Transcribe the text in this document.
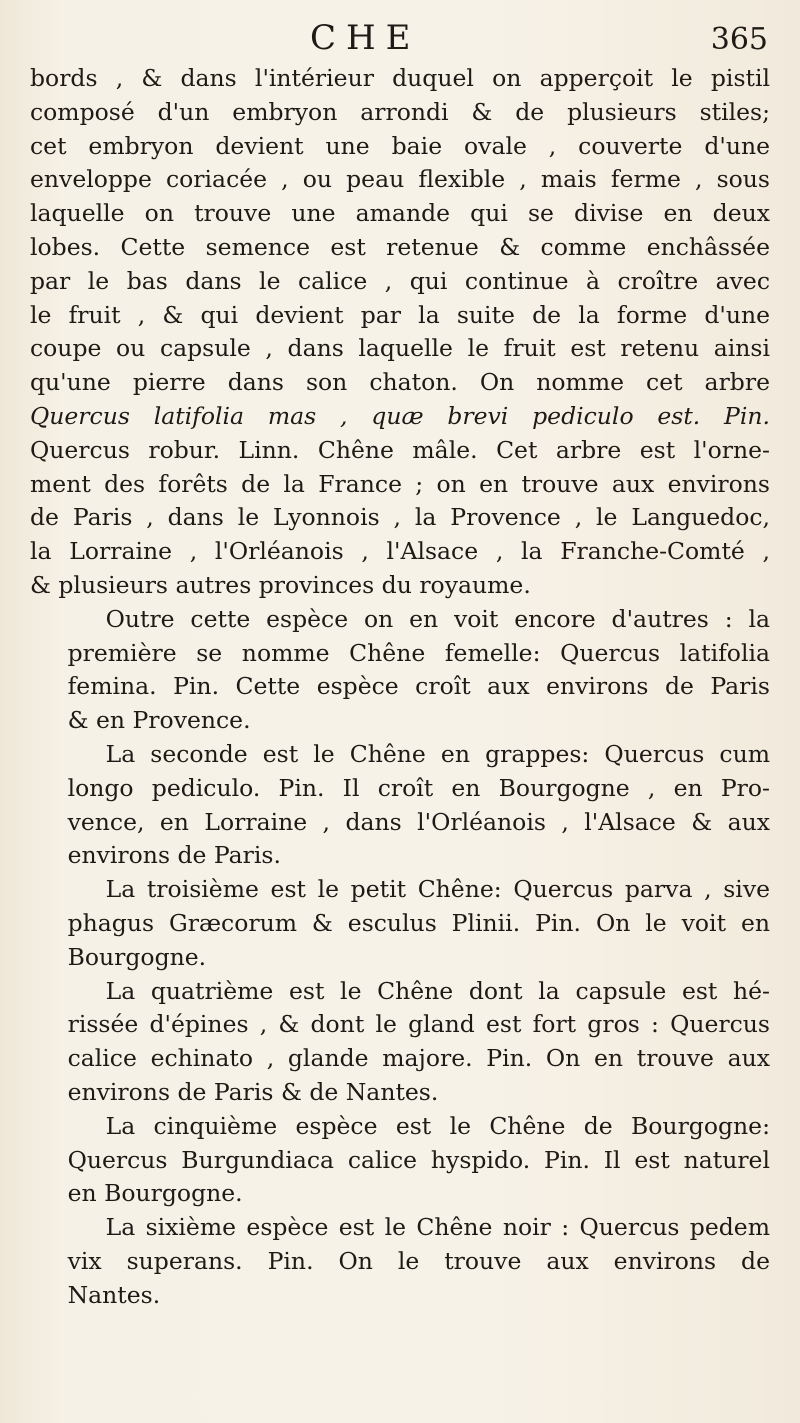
CHE	365

bords , & dans l'intérieur duquel on apperçoit le pistil
composé d'un embryon arrondi & de plusieurs stiles;
cet embryon devient une baie ovale , couverte d'une
enveloppe coriacée , ou peau flexible , mais ferme , sous
laquelle on trouve une amande qui se divise en deux
lobes. Cette semence est retenue & comme enchâssée
par le bas dans le calice , qui continue à croître avec
le fruit , & qui devient par la suite de la forme d'une
coupe ou capsule , dans laquelle le fruit est retenu ainsi
qu'une pierre dans son chaton. On nomme cet arbre
Quercus latifolia mas , quæ brevi pediculo est. Pin.
Quercus robur. Linn. Chêne mâle. Cet arbre est l'orne-
ment des forêts de la France ; on en trouve aux environs
de Paris , dans le Lyonnois , la Provence , le Languedoc,
la Lorraine , l'Orléanois , l'Alsace , la Franche-Comté ,
& plusieurs autres provinces du royaume.

Outre cette espèce on en voit encore d'autres : la
première se nomme Chêne femelle: Quercus latifolia
femina. Pin. Cette espèce croît aux environs de Paris
& en Provence.

La seconde est le Chêne en grappes: Quercus cum
longo pediculo. Pin. Il croît en Bourgogne , en Pro-
vence, en Lorraine , dans l'Orléanois , l'Alsace & aux
environs de Paris.

La troisième est le petit Chêne: Quercus parva , sive
phagus Græcorum & esculus Plinii. Pin. On le voit en
Bourgogne.

La quatrième est le Chêne dont la capsule est hé-
rissée d'épines , & dont le gland est fort gros : Quercus
calice echinato , glande majore. Pin. On en trouve aux
environs de Paris & de Nantes.

La cinquième espèce est le Chêne de Bourgogne:
Quercus Burgundiaca calice hyspido. Pin. Il est naturel
en Bourgogne.

La sixième espèce est le Chêne noir : Quercus pedem
vix superans. Pin. On le trouve aux environs de
Nantes.
